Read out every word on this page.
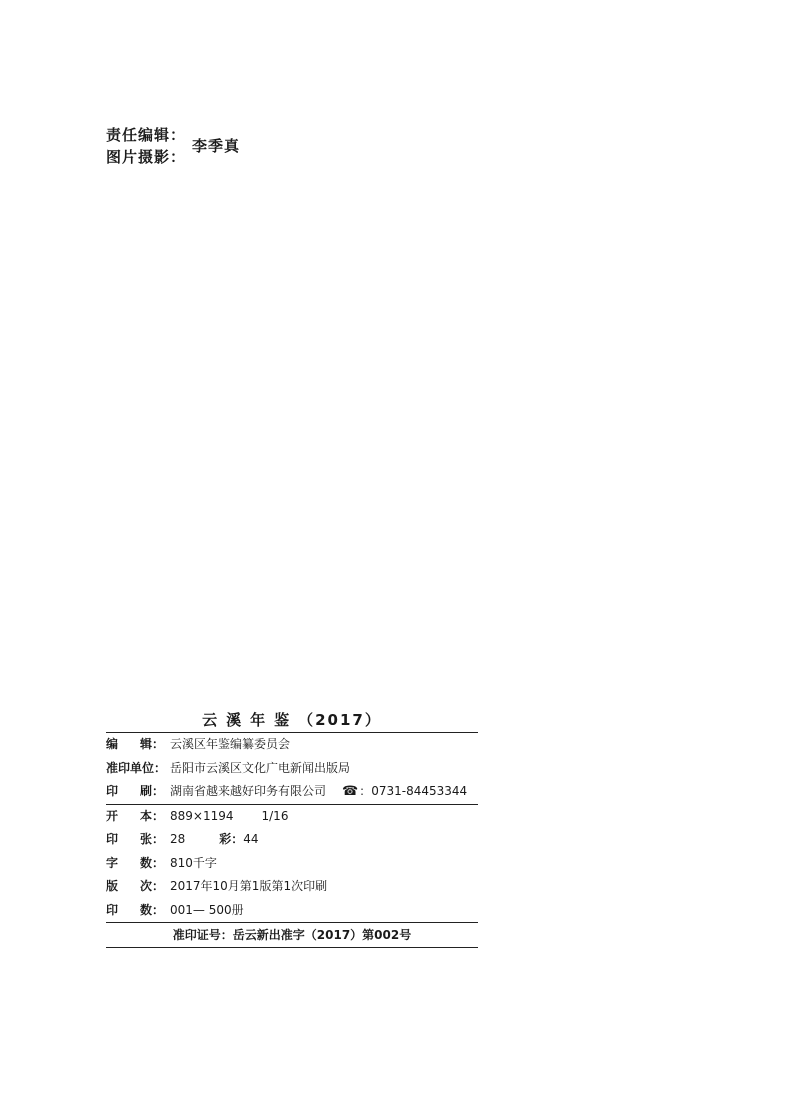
责任编辑：
图片摄影：
李季真
云溪年鉴（2017）
编 辑： 云溪区年鉴编纂委员会
准印单位： 岳阳市云溪区文化广电新闻出版局
印 刷： 湖南省越来越好印务有限公司 ☎：0731-84453344
开 本： 889×1194 1/16
印 张： 28	彩：44
字 数： 810千字
版 次： 2017年10月第1版第1次印刷
印 数： 001— 500册
准印证号：岳云新出准字（2017）第002号
